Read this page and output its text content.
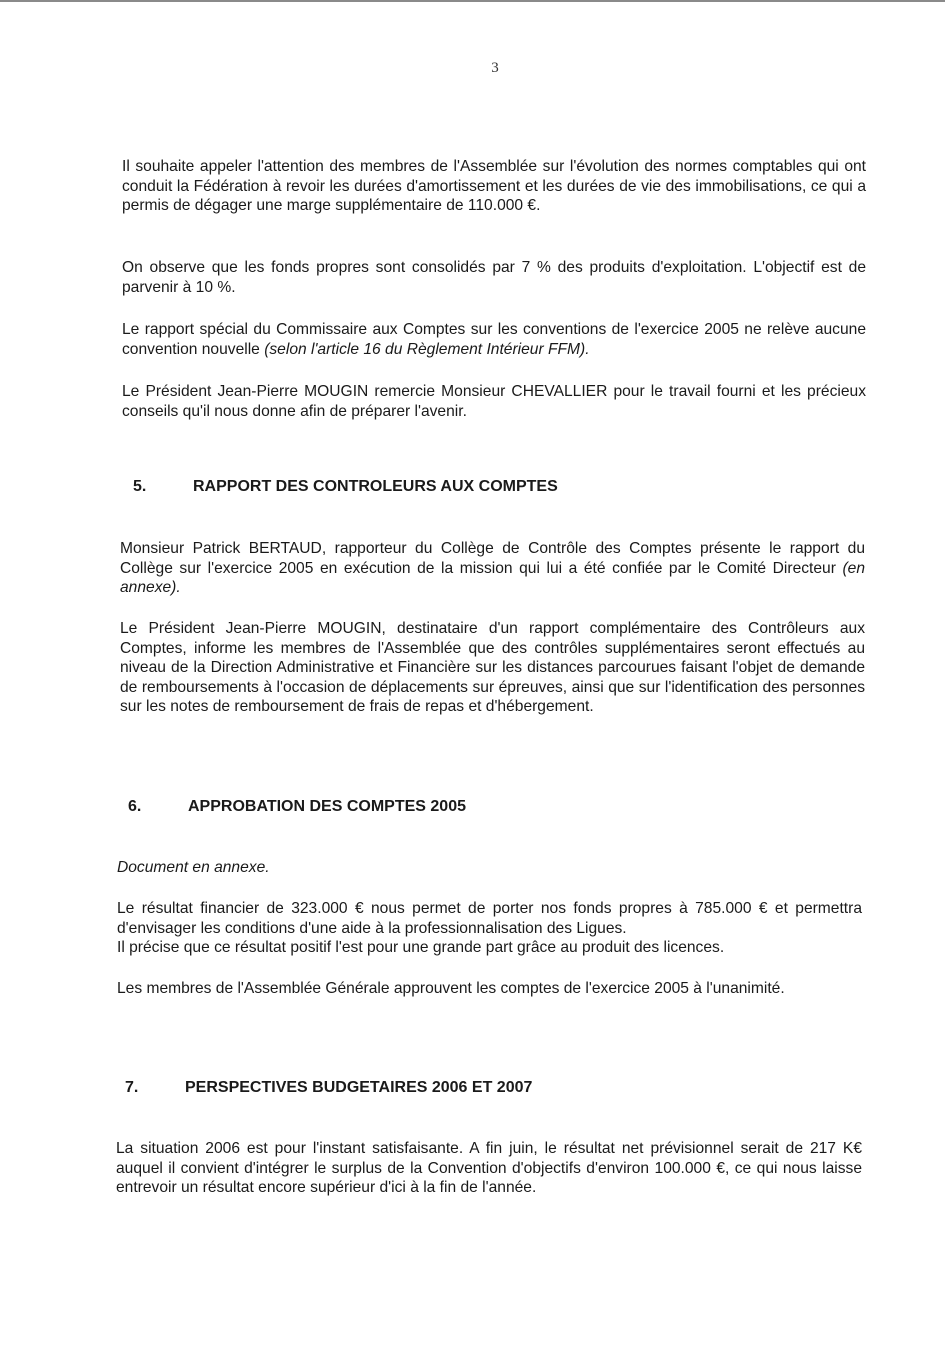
3

Il souhaite appeler l'attention des membres de l'Assemblée sur l'évolution des normes comptables qui ont conduit la Fédération à revoir les durées d'amortissement et les durées de vie des immobilisations, ce qui a permis de dégager une marge supplémentaire de 110.000 €.

On observe que les fonds propres sont consolidés par 7 % des produits d'exploitation. L'objectif est de parvenir à 10 %.

Le rapport spécial du Commissaire aux Comptes sur les conventions de l'exercice 2005 ne relève aucune convention nouvelle (selon l'article 16 du Règlement Intérieur FFM).

Le Président Jean-Pierre MOUGIN remercie Monsieur CHEVALLIER pour le travail fourni et les précieux conseils qu'il nous donne afin de préparer l'avenir.

5.	RAPPORT DES CONTROLEURS AUX COMPTES

Monsieur Patrick BERTAUD, rapporteur du Collège de Contrôle des Comptes présente le rapport du Collège sur l'exercice 2005 en exécution de la mission qui lui a été confiée par le Comité Directeur (en annexe).

Le Président Jean-Pierre MOUGIN, destinataire d'un rapport complémentaire des Contrôleurs aux Comptes, informe les membres de l'Assemblée que des contrôles supplémentaires seront effectués au niveau de la Direction Administrative et Financière sur les distances parcourues faisant l'objet de demande de remboursements à l'occasion de déplacements sur épreuves, ainsi que sur l'identification des personnes sur les notes de remboursement de frais de repas et d'hébergement.

6.	APPROBATION DES COMPTES 2005

Document en annexe.

Le résultat financier de 323.000 € nous permet de porter nos fonds propres à 785.000 € et permettra d'envisager les conditions d'une aide à la professionnalisation des Ligues.

Il précise que ce résultat positif l'est pour une grande part grâce au produit des licences.

Les membres de l'Assemblée Générale approuvent les comptes de l'exercice 2005 à l'unanimité.

7.	PERSPECTIVES BUDGETAIRES 2006 ET 2007

La situation 2006 est pour l'instant satisfaisante. A fin juin, le résultat net prévisionnel serait de 217 K€ auquel il convient d'intégrer le surplus de la Convention d'objectifs d'environ 100.000 €, ce qui nous laisse entrevoir un résultat encore supérieur d'ici à la fin de l'année.
